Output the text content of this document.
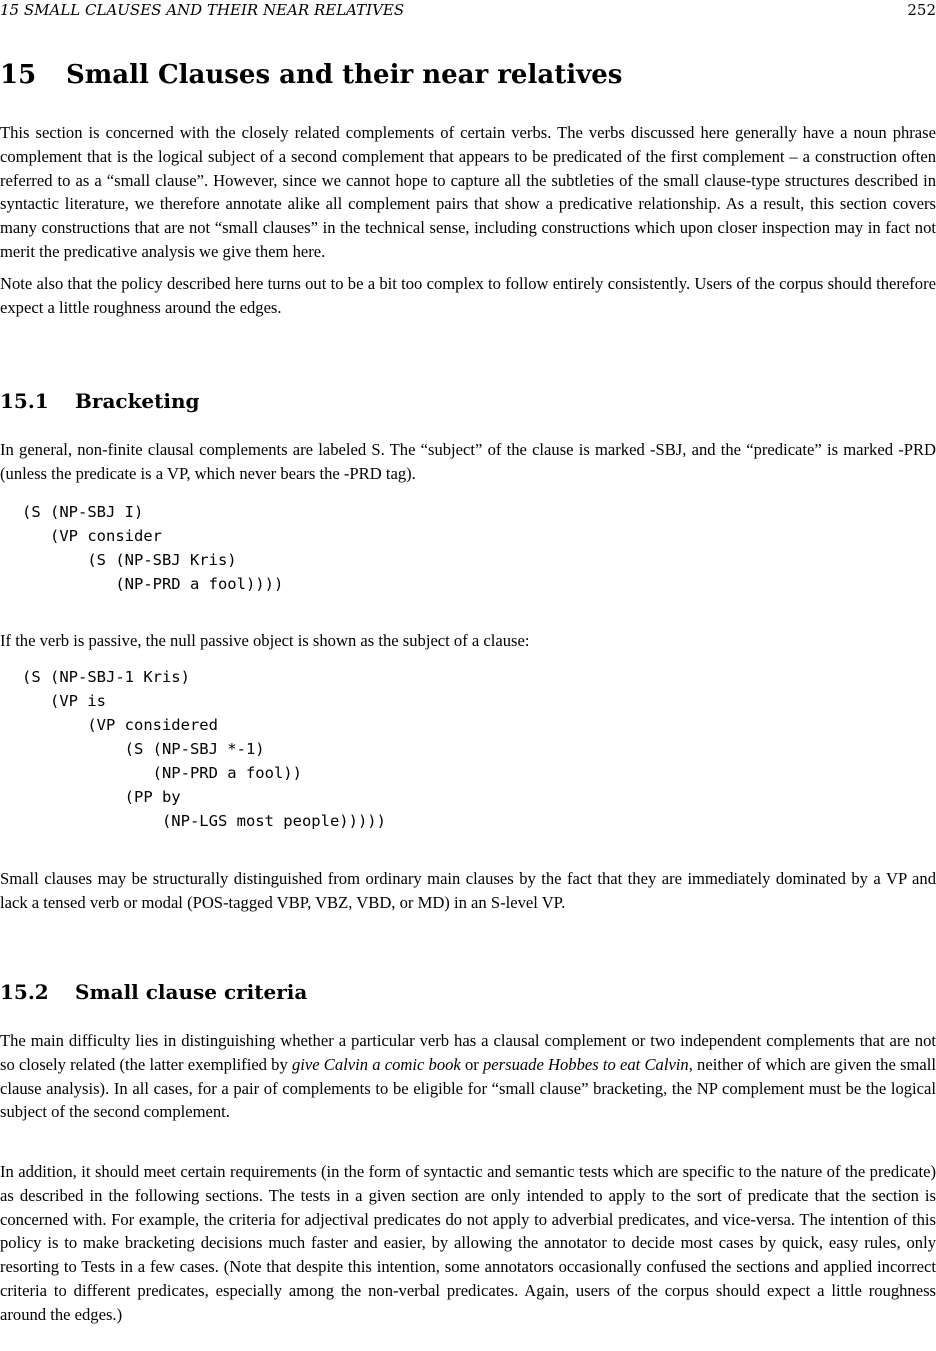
15 SMALL CLAUSES AND THEIR NEAR RELATIVES	252
15 Small Clauses and their near relatives

This section is concerned with the closely related complements of certain verbs. The verbs discussed here generally have a noun phrase complement that is the logical subject of a second complement that appears to be predicated of the first complement – a construction often referred to as a “small clause”. However, since we cannot hope to capture all the subtleties of the small clause-type structures described in syntactic literature, we therefore annotate alike all complement pairs that show a predicative relationship. As a result, this section covers many constructions that are not “small clauses” in the technical sense, including constructions which upon closer inspection may in fact not merit the predicative analysis we give them here.

Note also that the policy described here turns out to be a bit too complex to follow entirely consistently. Users of the corpus should therefore expect a little roughness around the edges.

15.1 Bracketing

In general, non-finite clausal complements are labeled S. The “subject” of the clause is marked -SBJ, and the “predicate” is marked -PRD (unless the predicate is a VP, which never bears the -PRD tag).

(S (NP-SBJ I)
(VP consider
(S (NP-SBJ Kris)
(NP-PRD a fool))))

If the verb is passive, the null passive object is shown as the subject of a clause:

(S (NP-SBJ-1 Kris)
(VP is
(VP considered
(S (NP-SBJ *-1)
(NP-PRD a fool))
(PP by
(NP-LGS most people)))))

Small clauses may be structurally distinguished from ordinary main clauses by the fact that they are immediately dominated by a VP and lack a tensed verb or modal (POS-tagged VBP, VBZ, VBD, or MD) in an S-level VP.

15.2 Small clause criteria

The main difficulty lies in distinguishing whether a particular verb has a clausal complement or two independent complements that are not so closely related (the latter exemplified by give Calvin a comic book or persuade Hobbes to eat Calvin, neither of which are given the small clause analysis). In all cases, for a pair of complements to be eligible for “small clause” bracketing, the NP complement must be the logical subject of the second complement.

In addition, it should meet certain requirements (in the form of syntactic and semantic tests which are specific to the nature of the predicate) as described in the following sections. The tests in a given section are only intended to apply to the sort of predicate that the section is concerned with. For example, the criteria for adjectival predicates do not apply to adverbial predicates, and vice-versa. The intention of this policy is to make bracketing decisions much faster and easier, by allowing the annotator to decide most cases by quick, easy rules, only resorting to Tests in a few cases. (Note that despite this intention, some annotators occasionally confused the sections and applied incorrect criteria to different predicates, especially among the non-verbal predicates. Again, users of the corpus should expect a little roughness around the edges.)
